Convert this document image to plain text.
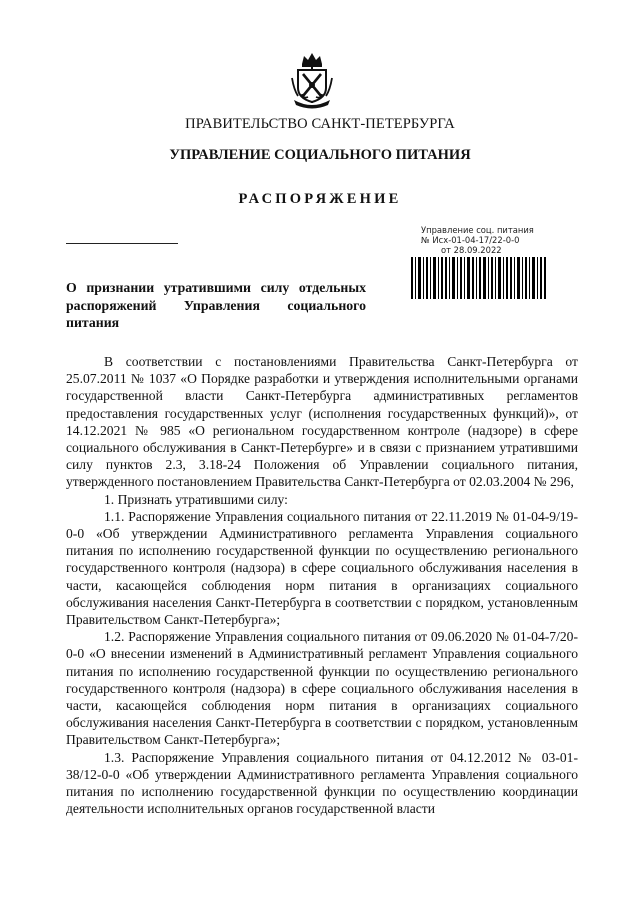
ПРАВИТЕЛЬСТВО САНКТ-ПЕТЕРБУРГА
УПРАВЛЕНИЕ СОЦИАЛЬНОГО ПИТАНИЯ
РАСПОРЯЖЕНИЕ
Управление соц. питания
№ Исх-01-04-17/22-0-0
от 28.09.2022
О признании утратившими силу отдельных распоряжений Управления социального питания

В соответствии с постановлениями Правительства Санкт-Петербурга от 25.07.2011 № 1037 «О Порядке разработки и утверждения исполнительными органами государственной власти Санкт-Петербурга административных регламентов предоставления государственных услуг (исполнения государственных функций)», от 14.12.2021 № 985 «О региональном государственном контроле (надзоре) в сфере социального обслуживания в Санкт-Петербурге» и в связи с признанием утратившими силу пунктов 2.3, 3.18-24 Положения об Управлении социального питания, утвержденного постановлением Правительства Санкт-Петербурга от 02.03.2004 № 296,

1. Признать утратившими силу:

1.1. Распоряжение Управления социального питания от 22.11.2019 № 01-04-9/19-0-0 «Об утверждении Административного регламента Управления социального питания по исполнению государственной функции по осуществлению регионального государственного контроля (надзора) в сфере социального обслуживания населения в части, касающейся соблюдения норм питания в организациях социального обслуживания населения Санкт-Петербурга в соответствии с порядком, установленным Правительством Санкт-Петербурга»;

1.2. Распоряжение Управления социального питания от 09.06.2020 № 01-04-7/20-0-0 «О внесении изменений в Административный регламент Управления социального питания по исполнению государственной функции по осуществлению регионального государственного контроля (надзора) в сфере социального обслуживания населения в части, касающейся соблюдения норм питания в организациях социального обслуживания населения Санкт-Петербурга в соответствии с порядком, установленным Правительством Санкт-Петербурга»;

1.3. Распоряжение Управления социального питания от 04.12.2012 № 03-01-38/12-0-0 «Об утверждении Административного регламента Управления социального питания по исполнению государственной функции по осуществлению координации деятельности исполнительных органов государственной власти
